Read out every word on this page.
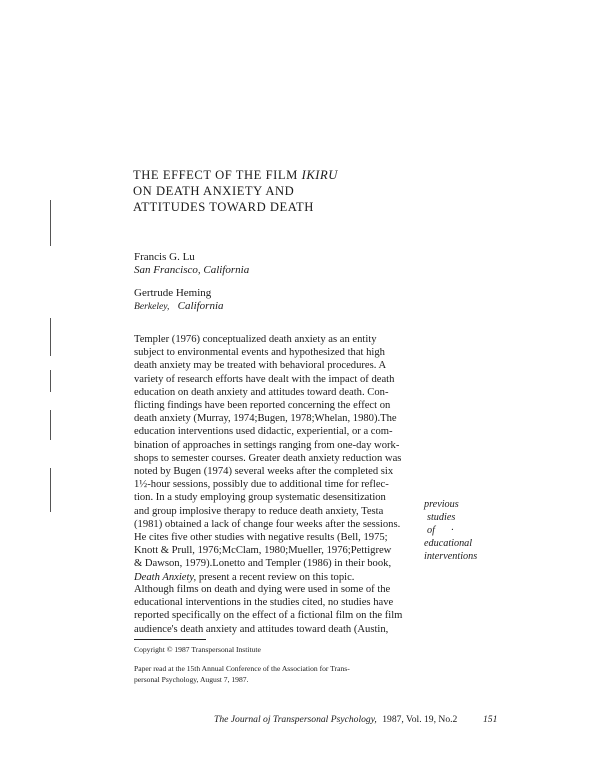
THE EFFECT OF THE FILM IKIRU
ON DEATH ANXIETY AND
ATTITUDES TOWARD DEATH
Francis G. Lu
San Francisco, California
Gertrude Heming
Berkeley, California
Templer (1976) conceptualized death anxiety as an entity
subject to environmental events and hypothesized that high
death anxiety may be treated with behavioral procedures. A
variety of research efforts have dealt with the impact of death
education on death anxiety and attitudes toward death. Con-
flicting findings have been reported concerning the effect on
death anxiety (Murray, 1974;Bugen, 1978;Whelan, 1980).The
education interventions used didactic, experiential, or a com-
bination of approaches in settings ranging from one-day work-
shops to semester courses. Greater death anxiety reduction was
noted by Bugen (1974) several weeks after the completed six
1½-hour sessions, possibly due to additional time for reflec-
tion. In a study employing group systematic desensitization
and group implosive therapy to reduce death anxiety, Testa
(1981) obtained a lack of change four weeks after the sessions.
He cites five other studies with negative results (Bell, 1975;
Knott & Prull, 1976;McClam, 1980;Mueller, 1976;Pettigrew
& Dawson, 1979).Lonetto and Templer (1986) in their book,
Death Anxiety, present a recent review on this topic.
previous
studies
of ·
educational
interventions
Although films on death and dying were used in some of the
educational interventions in the studies cited, no studies have
reported specifically on the effect of a fictional film on the film
audience's death anxiety and attitudes toward death (Austin,
Copyright © 1987 Transpersonal Institute
Paper read at the 15th Annual Conference of the Association for Trans-
personal Psychology, August 7, 1987.
The Journal oj Transpersonal Psychology, 1987, Vol. 19, No.2	151
